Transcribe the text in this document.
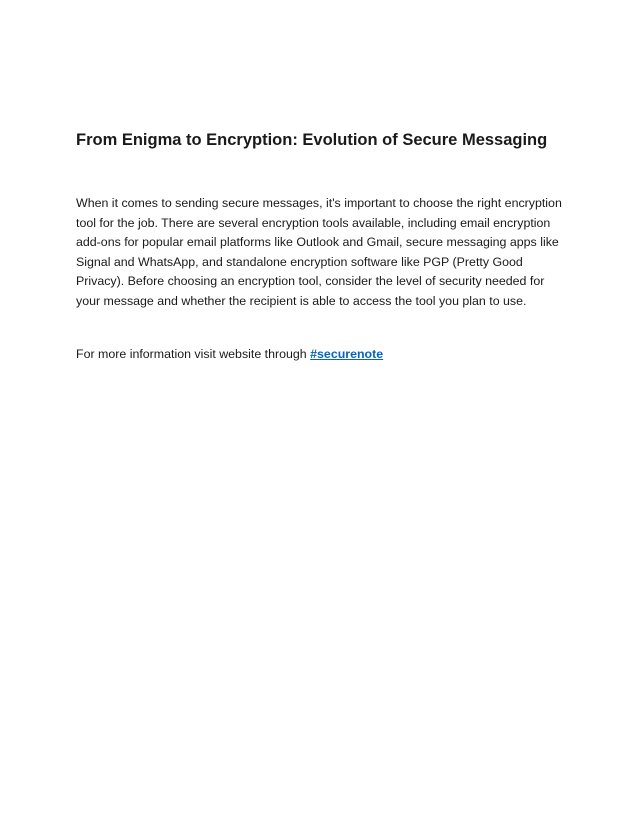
From Enigma to Encryption: Evolution of Secure Messaging

When it comes to sending secure messages, it's important to choose the right encryption tool for the job. There are several encryption tools available, including email encryption add-ons for popular email platforms like Outlook and Gmail, secure messaging apps like Signal and WhatsApp, and standalone encryption software like PGP (Pretty Good Privacy). Before choosing an encryption tool, consider the level of security needed for your message and whether the recipient is able to access the tool you plan to use.

For more information visit website through #securenote
